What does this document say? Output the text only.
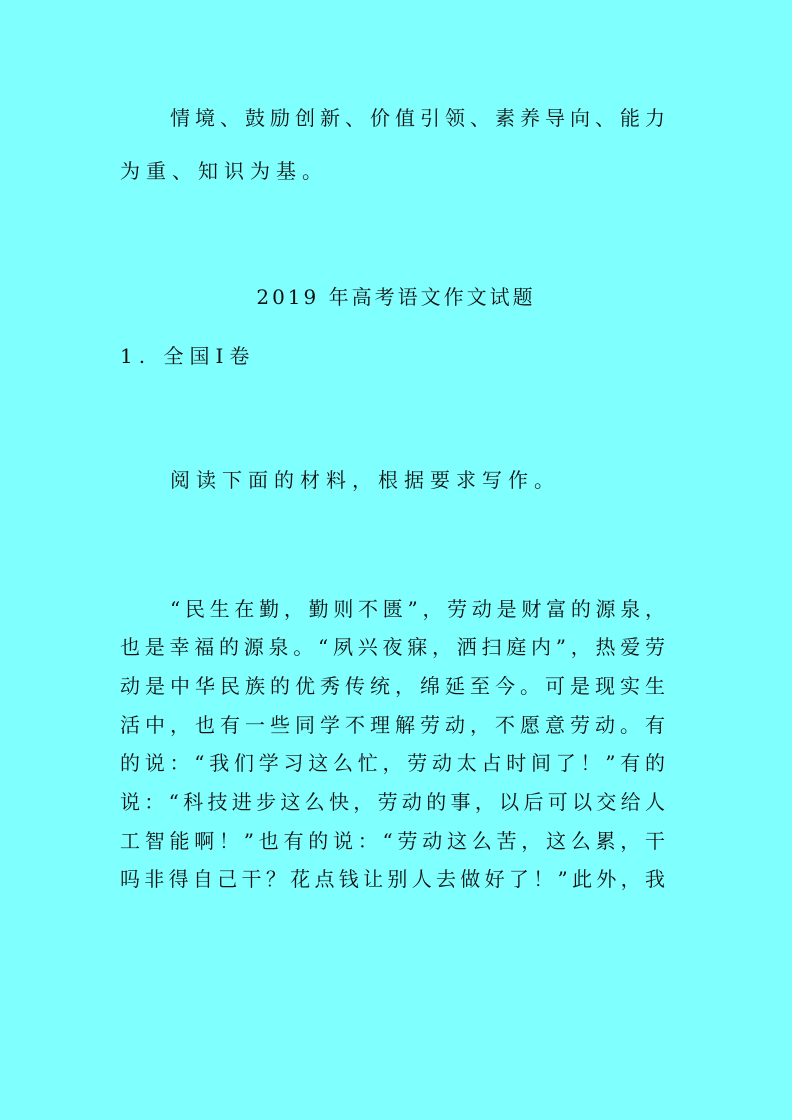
情境、鼓励创新、价值引领、素养导向、能力
为重、知识为基。
2019 年高考语文作文试题
1. 全国Ⅰ卷
阅读下面的材料，根据要求写作。
“民生在勤，勤则不匮”，劳动是财富的源泉，
也是幸福的源泉。“夙兴夜寐，洒扫庭内”，热爱劳
动是中华民族的优秀传统，绵延至今。可是现实生
活中，也有一些同学不理解劳动，不愿意劳动。有
的说：“我们学习这么忙，劳动太占时间了！”有的
说：“科技进步这么快，劳动的事，以后可以交给人
工智能啊！”也有的说：“劳动这么苦，这么累，干
吗非得自己干？花点钱让别人去做好了！”此外，我
